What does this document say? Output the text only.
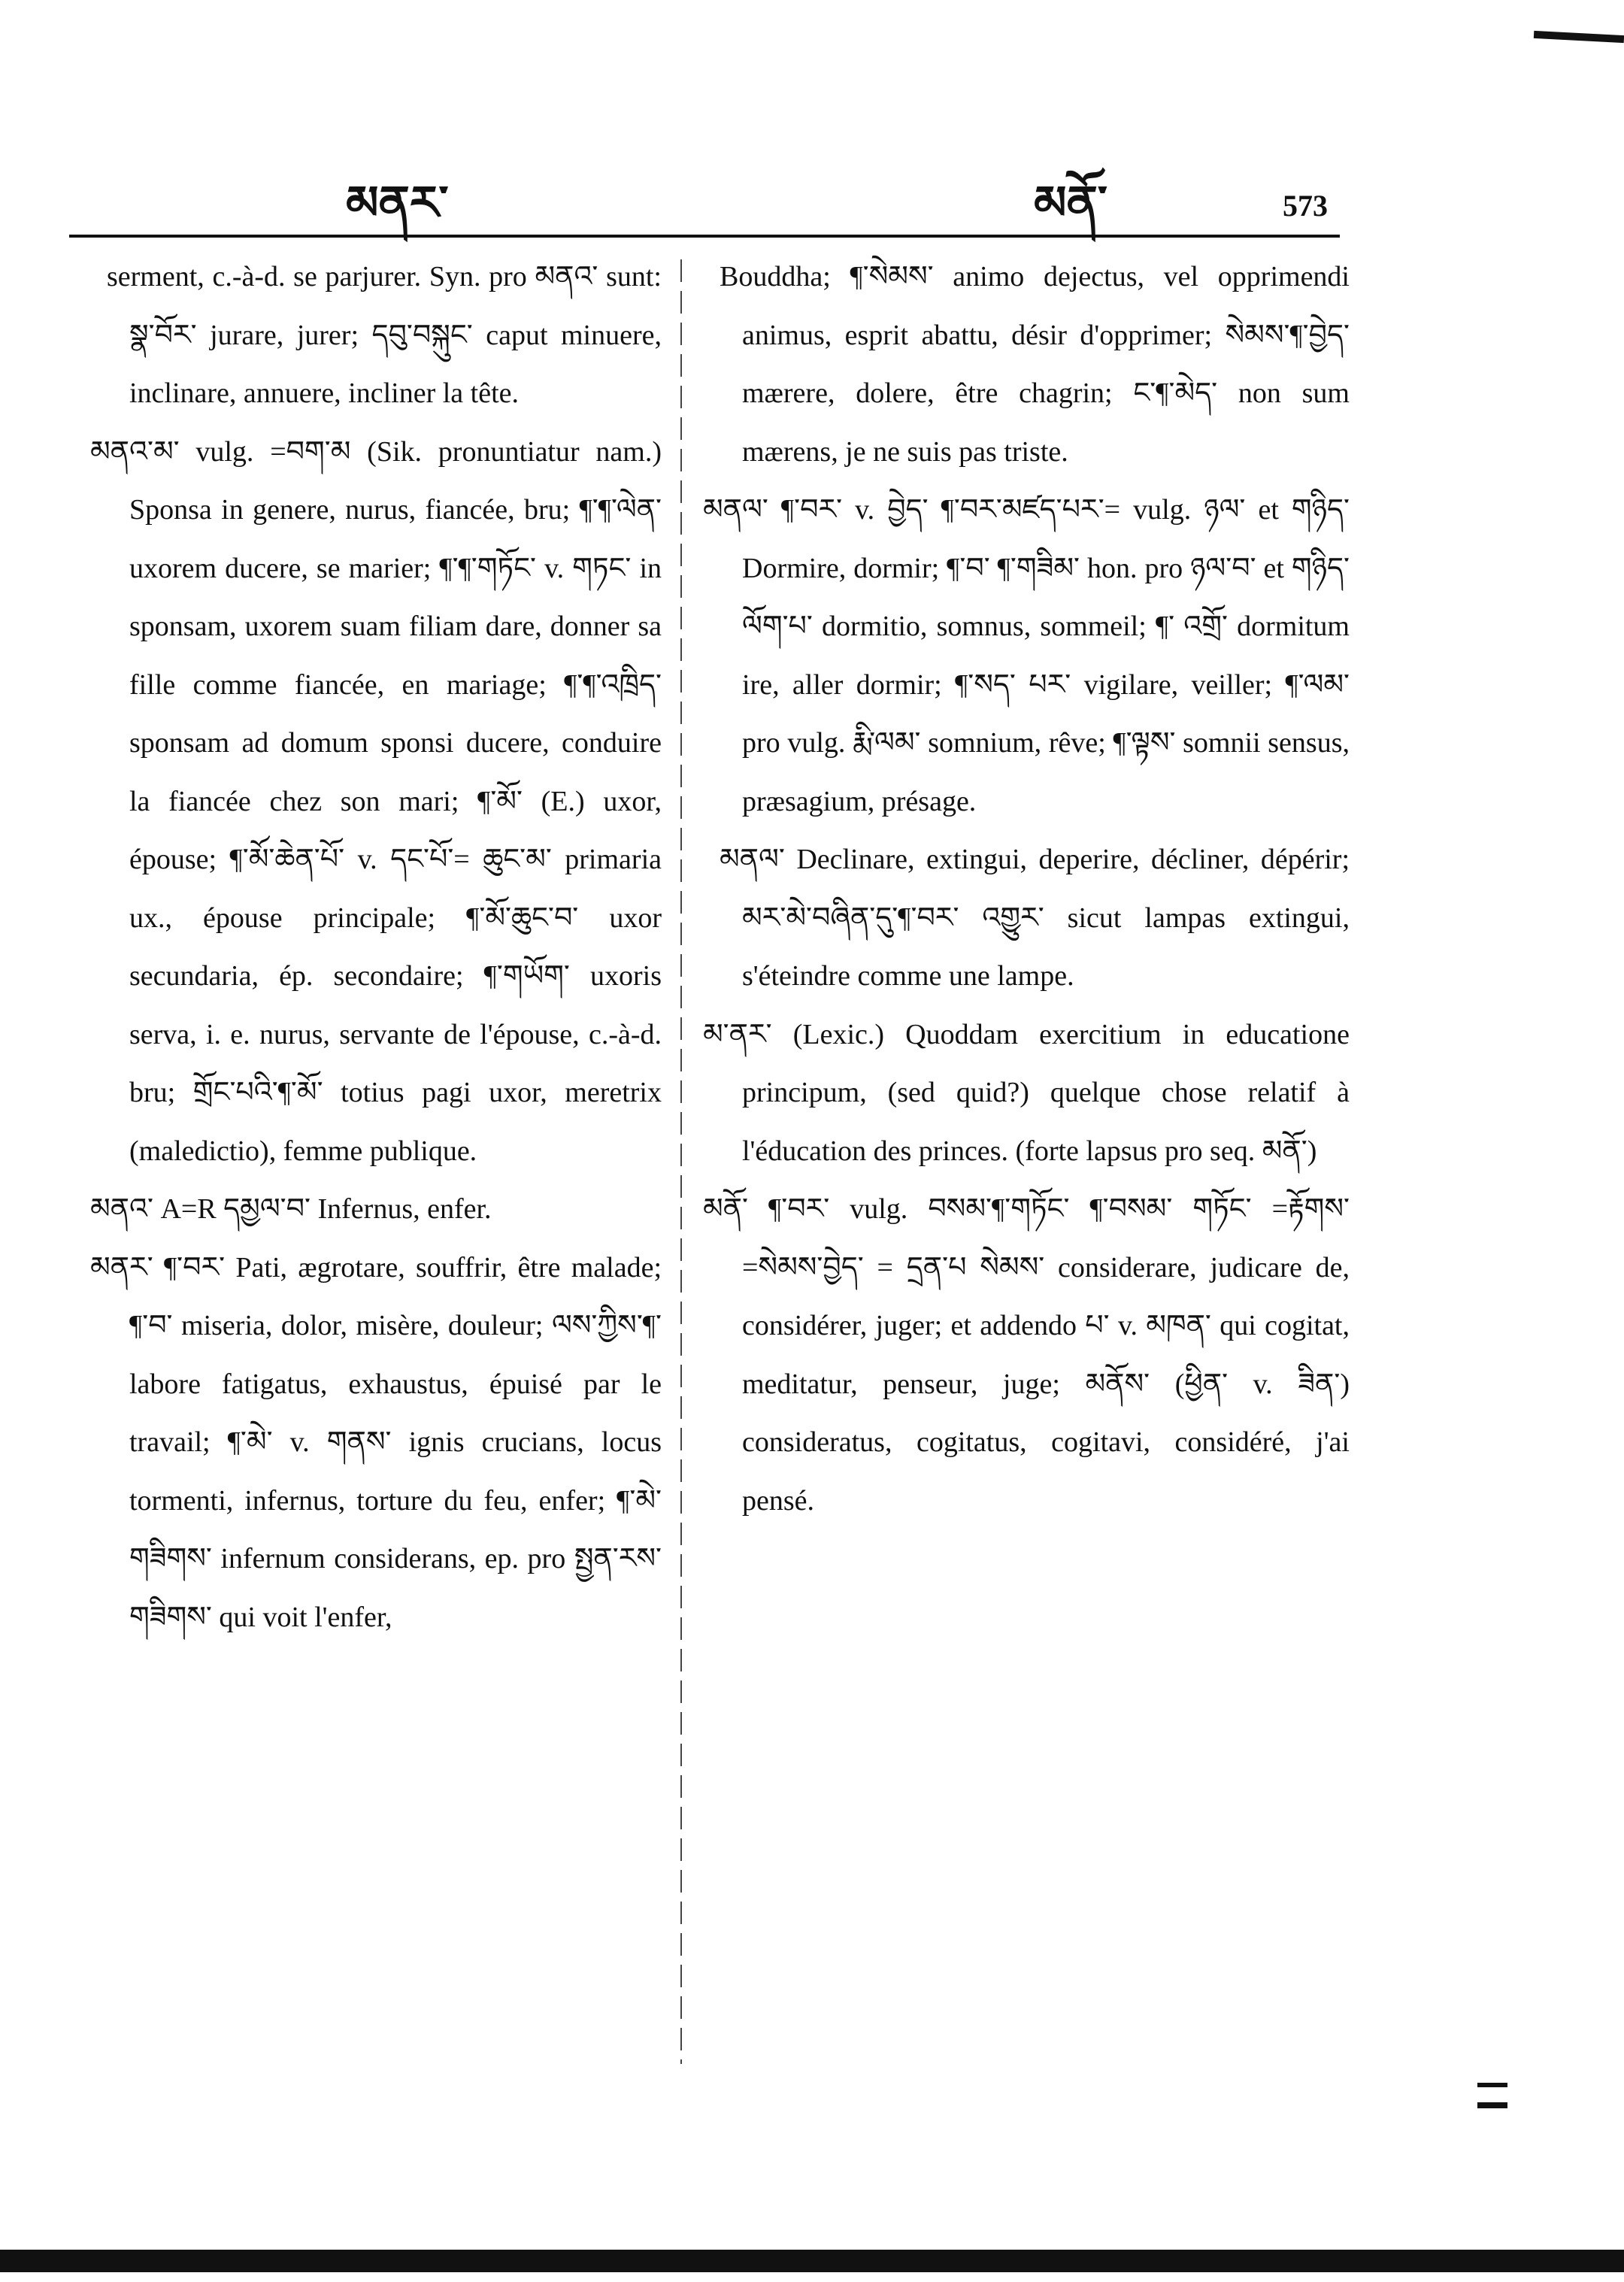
མནར་	མནོ་	573

serment, c.-à-d. se parjurer. Syn. pro མནའ་ sunt: སྣ་བོར་ jurare, jurer; དབུ་བསྐུང་ caput minuere, inclinare, annuere, incliner la tête.

མནའ་མ་ vulg. =བག་མ (Sik. pronuntiatur nam.) Sponsa in genere, nurus, fiancée, bru; ¶་¶་ལེན་ uxorem ducere, se marier; ¶་¶་གཏོང་ v. གཏང་ in sponsam, uxorem suam filiam dare, donner sa fille comme fiancée, en mariage; ¶་¶་འཁྲིད་ sponsam ad domum sponsi ducere, conduire la fiancée chez son mari; ¶་མོ་ (E.) uxor, épouse; ¶་མོ་ཆེན་པོ་ v. དང་པོ་= ཆུང་མ་ primaria ux., épouse principale; ¶་མོ་ཆུང་བ་ uxor secundaria, ép. secondaire; ¶་གཡོག་ uxoris serva, i. e. nurus, servante de l'épouse, c.-à-d. bru; གྲོང་པའི་¶་མོ་ totius pagi uxor, meretrix (maledictio), femme publique.

མནའ་ A=R དམྱལ་བ་ Infernus, enfer.

མནར་ ¶་བར་ Pati, ægrotare, souffrir, être malade; ¶་བ་ miseria, dolor, misère, douleur; ལས་ཀྱིས་¶་ labore fatigatus, exhaustus, épuisé par le travail; ¶་མེ་ v. གནས་ ignis crucians, locus tormenti, infernus, torture du feu, enfer; ¶་མེ་ གཟིགས་ infernum considerans, ep. pro སྤྱན་རས་གཟིགས་ qui voit l'enfer,

Bouddha; ¶་སེམས་ animo dejectus, vel opprimendi animus, esprit abattu, désir d'opprimer; སེམས་¶་བྱེད་ mærere, dolere, être chagrin; ང་¶་མེད་ non sum mærens, je ne suis pas triste.

མནལ་ ¶་བར་ v. བྱེད་ ¶་བར་མཛད་པར་= vulg. ཉལ་ et གཉིད་ Dormire, dormir; ¶་བ་ ¶་གཟིམ་ hon. pro ཉལ་བ་ et གཉིད་ ལོག་པ་ dormitio, somnus, sommeil; ¶་ འགྲོ་ dormitum ire, aller dormir; ¶་སད་ པར་ vigilare, veiller; ¶་ལམ་ pro vulg. རྨི་ལམ་ somnium, rêve; ¶་ལྟས་ somnii sensus, præsagium, présage.

མནལ་ Declinare, extingui, deperire, décliner, dépérir; མར་མེ་བཞིན་དུ་¶་བར་ འགྱུར་ sicut lampas extingui, s'éteindre comme une lampe.

མ་ནར་ (Lexic.) Quoddam exercitium in educatione principum, (sed quid?) quelque chose relatif à l'éducation des princes. (forte lapsus pro seq. མནོ་)

མནོ་ ¶་བར་ vulg. བསམ་¶་གཏོང་ ¶་བསམ་ གཏོང་ =རྟོགས་ =སེམས་བྱེད་ = དྲན་པ སེམས་ considerare, judicare de, considérer, juger; et addendo པ་ v. མཁན་ qui cogitat, meditatur, penseur, juge; མནོས་ (ཕྱིན་ v. ཟིན་) consideratus, cogitatus, cogitavi, considéré, j'ai pensé.
